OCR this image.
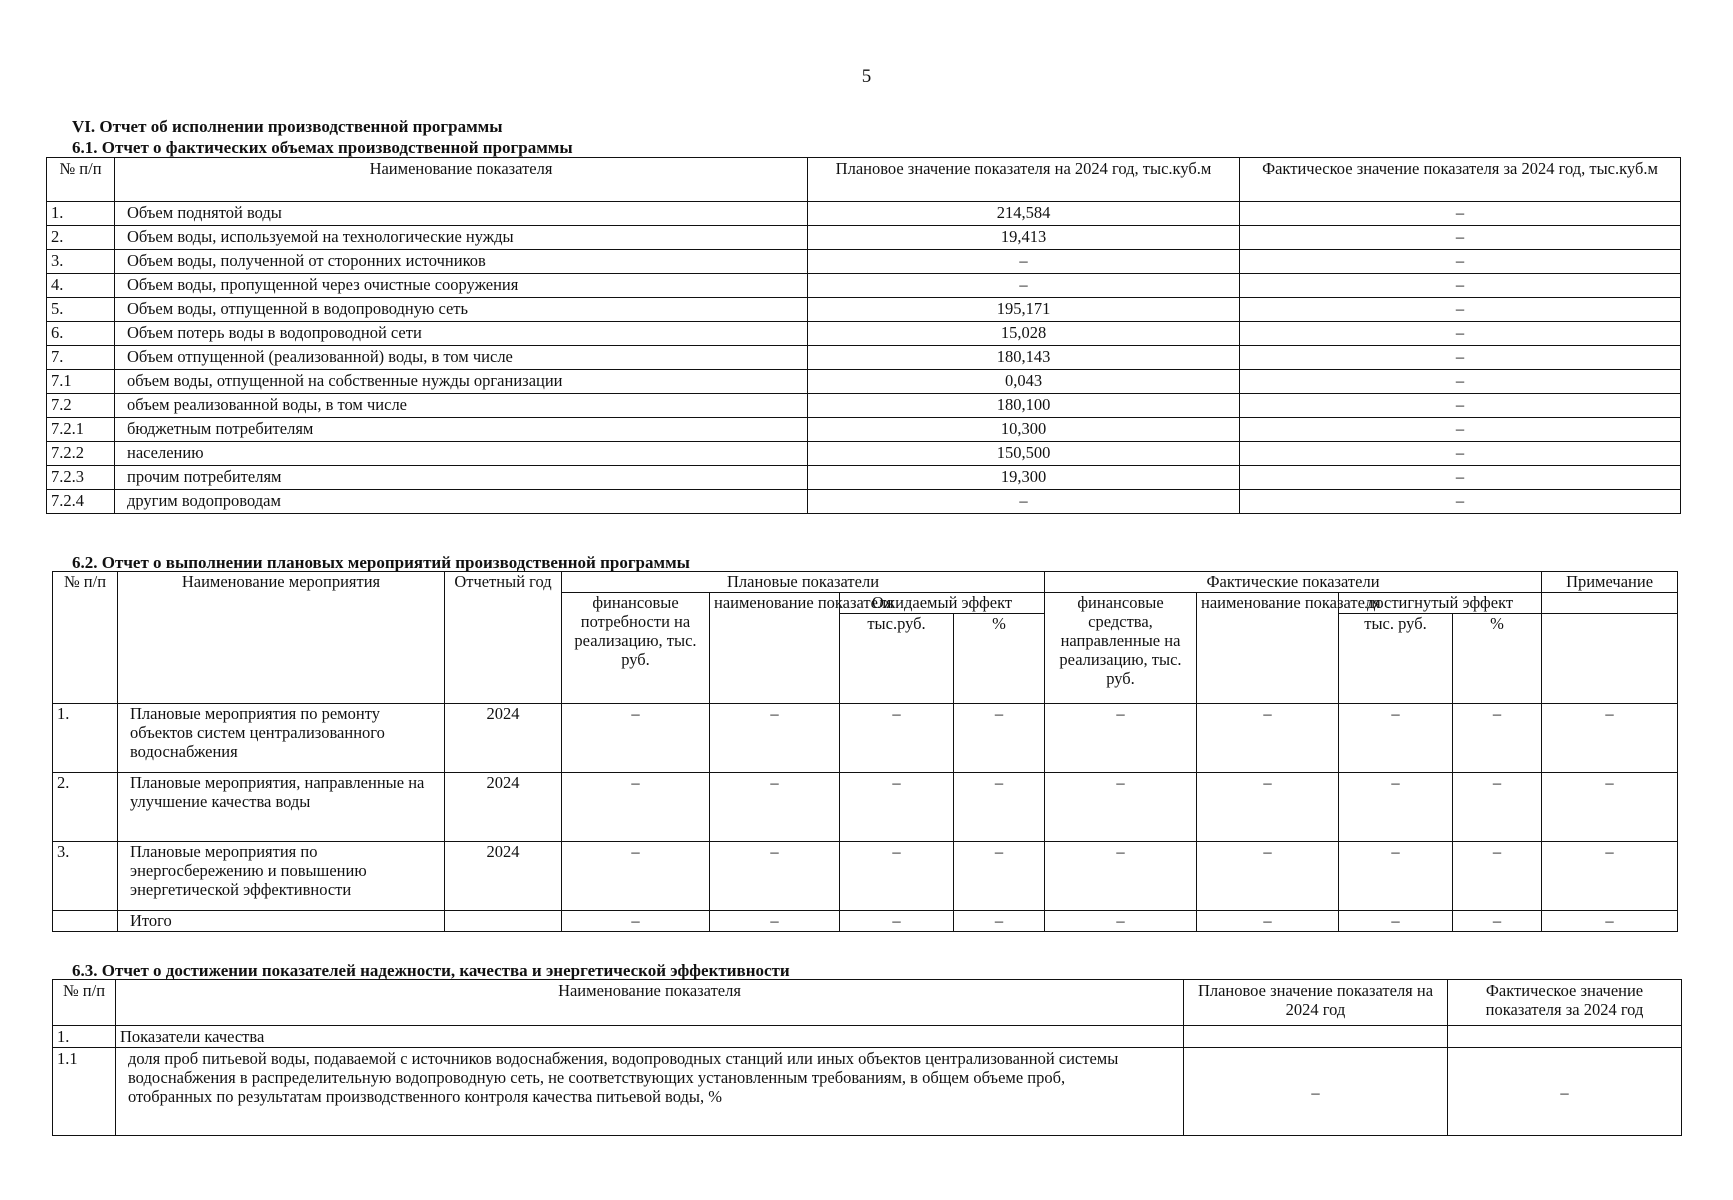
5
VI. Отчет об исполнении производственной программы
6.1. Отчет о фактических объемах производственной программы
№ п/п	Наименование показателя	Плановое значение показателя на 2024 год, тыс.куб.м	Фактическое значение показателя за 2024 год, тыс.куб.м
1.	Объем поднятой воды	214,584	–
2.	Объем воды, используемой на технологические нужды	19,413	–
3.	Объем воды, полученной от сторонних источников	–	–
4.	Объем воды, пропущенной через очистные сооружения	–	–
5.	Объем воды, отпущенной в водопроводную сеть	195,171	–
6.	Объем потерь воды в водопроводной сети	15,028	–
7.	Объем отпущенной (реализованной) воды, в том числе	180,143	–
7.1	объем воды, отпущенной на собственные нужды организации	0,043	–
7.2	объем реализованной воды, в том числе	180,100	–
7.2.1	бюджетным потребителям	10,300	–
7.2.2	населению	150,500	–
7.2.3	прочим потребителям	19,300	–
7.2.4	другим водопроводам	–	–
6.2. Отчет о выполнении плановых мероприятий производственной программы
№ п/п	Наименование мероприятия	Отчетный год	Плановые показатели				Фактические показатели				Примечание
			финансовые потребности на реализацию, тыс. руб.	наименование показателя	Ожидаемый эффект		финансовые средства, направленные на реализацию, тыс. руб.	наименование показателя	достигнутый эффект		
					тыс.руб.	%			тыс. руб.	%	
1.	Плановые мероприятия по ремонту объектов систем централизованного водоснабжения	2024	–	–	–	–	–	–	–	–	–
2.	Плановые мероприятия, направленные на улучшение качества воды	2024	–	–	–	–	–	–	–	–	–
3.	Плановые мероприятия по энергосбережению и повышению энергетической эффективности	2024	–	–	–	–	–	–	–	–	–
	Итого		–	–	–	–	–	–	–	–	–
6.3. Отчет о достижении показателей надежности, качества и энергетической эффективности
№ п/п	Наименование показателя	Плановое значение показателя на 2024 год	Фактическое значение показателя за 2024 год
1.	Показатели качества		
1.1	доля проб питьевой воды, подаваемой с источников водоснабжения, водопроводных станций или иных объектов централизованной системы водоснабжения в распределительную водопроводную сеть, не соответствующих установленным требованиям, в общем объеме проб, отобранных по результатам производственного контроля качества питьевой воды, %	–	–
